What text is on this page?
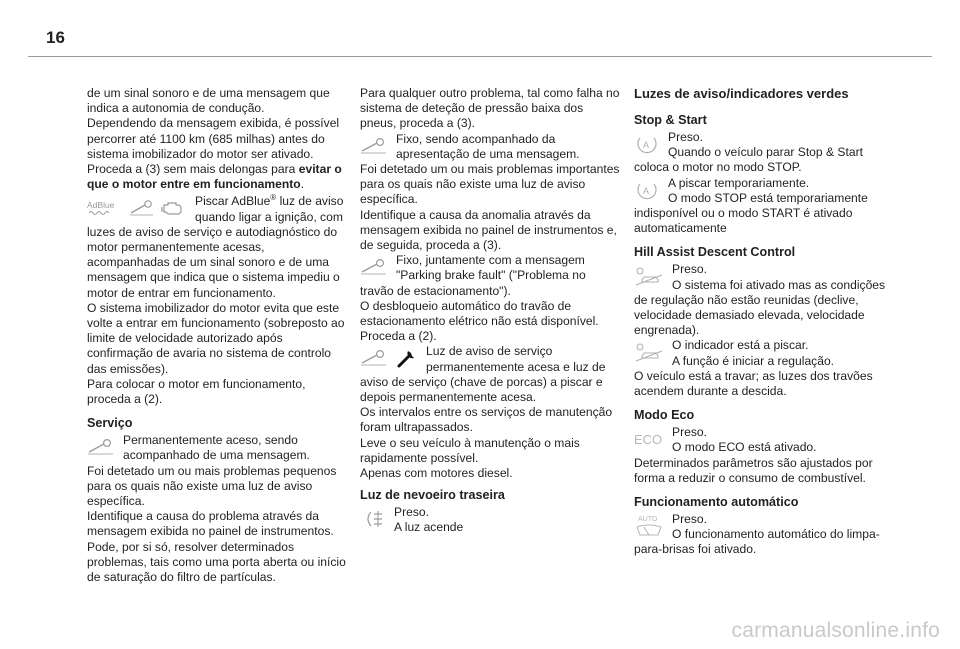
16

de um sinal sonoro e de uma mensagem que indica a autonomia de condução.

Dependendo da mensagem exibida, é possível percorrer até 1100 km (685 milhas) antes do sistema imobilizador do motor ser ativado.

Proceda a (3) sem mais delongas para evitar o que o motor entre em funcionamento.

AdBlue	Piscar AdBlue® luz de aviso quando ligar a ignição, com luzes de aviso de serviço e autodiagnóstico do motor permanentemente acesas, acompanhadas de um sinal sonoro e de uma mensagem que indica que o sistema impediu o motor de entrar em funcionamento.

O sistema imobilizador do motor evita que este volte a entrar em funcionamento (sobreposto ao limite de velocidade autorizado após confirmação de avaria no sistema de controlo das emissões).

Para colocar o motor em funcionamento, proceda a (2).

Serviço

Permanentemente aceso, sendo acompanhado de uma mensagem.

Foi detetado um ou mais problemas pequenos para os quais não existe uma luz de aviso específica.

Identifique a causa do problema através da mensagem exibida no painel de instrumentos. Pode, por si só, resolver determinados problemas, tais como uma porta aberta ou início de saturação do filtro de partículas.

Para qualquer outro problema, tal como falha no sistema de deteção de pressão baixa dos pneus, proceda a (3).

Fixo, sendo acompanhado da apresentação de uma mensagem.

Foi detetado um ou mais problemas importantes para os quais não existe uma luz de aviso específica.

Identifique a causa da anomalia através da mensagem exibida no painel de instrumentos e, de seguida, proceda a (3).

Fixo, juntamente com a mensagem "Parking brake fault" ("Problema no travão de estacionamento").

O desbloqueio automático do travão de estacionamento elétrico não está disponível.

Proceda a (2).

Luz de aviso de serviço permanentemente acesa e luz de aviso de serviço (chave de porcas) a piscar e depois permanentemente acesa.

Os intervalos entre os serviços de manutenção foram ultrapassados.

Leve o seu veículo à manutenção o mais rapidamente possível.

Apenas com motores diesel.

Luz de nevoeiro traseira

Preso.
A luz acende

Luzes de aviso/indicadores verdes
Stop & Start
A

Preso.
Quando o veículo parar Stop & Start coloca o motor no modo STOP.

A

A piscar temporariamente.
O modo STOP está temporariamente indisponível ou o modo START é ativado automaticamente

Hill Assist Descent Control

Preso.
O sistema foi ativado mas as condições de regulação não estão reunidas (declive, velocidade demasiado elevada, velocidade engrenada).

O indicador está a piscar.
A função é iniciar a regulação.

O veículo está a travar; as luzes dos travões acendem durante a descida.

Modo Eco
ECO Preso.
O modo ECO está ativado.

Determinados parâmetros são ajustados por forma a reduzir o consumo de combustível.

Funcionamento automático
AUTO	Preso.
O funcionamento automático do limpa-para-brisas foi ativado.

carmanualsonline.info
